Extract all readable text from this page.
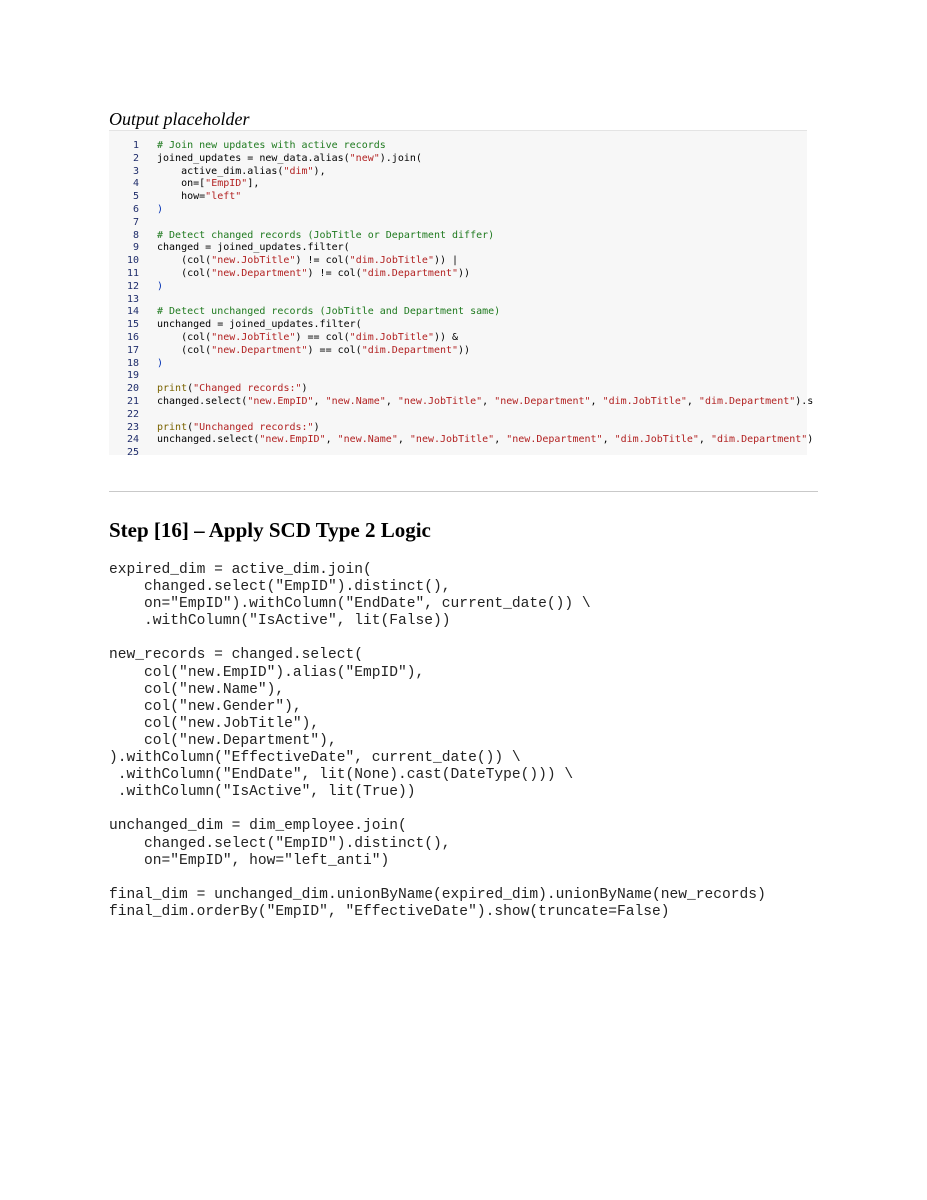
Output placeholder

1	# Join new updates with active records
2	joined_updates = new_data.alias("new").join(
3	active_dim.alias("dim"),
4	on=["EmpID"],
5	how="left"
6	)
7
8	# Detect changed records (JobTitle or Department differ)
9	changed = joined_updates.filter(
10	(col("new.JobTitle") != col("dim.JobTitle")) |
11	(col("new.Department") != col("dim.Department"))
12	)
13
14	# Detect unchanged records (JobTitle and Department same)
15	unchanged = joined_updates.filter(
16	(col("new.JobTitle") == col("dim.JobTitle")) &
17	(col("new.Department") == col("dim.Department"))
18	)
19
20	print("Changed records:")
21	changed.select("new.EmpID", "new.Name", "new.JobTitle", "new.Department", "dim.JobTitle", "dim.Department").s
22
23	print("Unchanged records:")
24	unchanged.select("new.EmpID", "new.Name", "new.JobTitle", "new.Department", "dim.JobTitle", "dim.Department")
25
Step [16] – Apply SCD Type 2 Logic
expired_dim = active_dim.join(
changed.select("EmpID").distinct(),
on="EmpID").withColumn("EndDate", current_date()) \
.withColumn("IsActive", lit(False))
new_records = changed.select(
col("new.EmpID").alias("EmpID"),
col("new.Name"),
col("new.Gender"),
col("new.JobTitle"),
col("new.Department"),
).withColumn("EffectiveDate", current_date()) \
.withColumn("EndDate", lit(None).cast(DateType())) \
.withColumn("IsActive", lit(True))
unchanged_dim = dim_employee.join(
changed.select("EmpID").distinct(),
on="EmpID", how="left_anti")
final_dim = unchanged_dim.unionByName(expired_dim).unionByName(new_records)
final_dim.orderBy("EmpID", "EffectiveDate").show(truncate=False)
